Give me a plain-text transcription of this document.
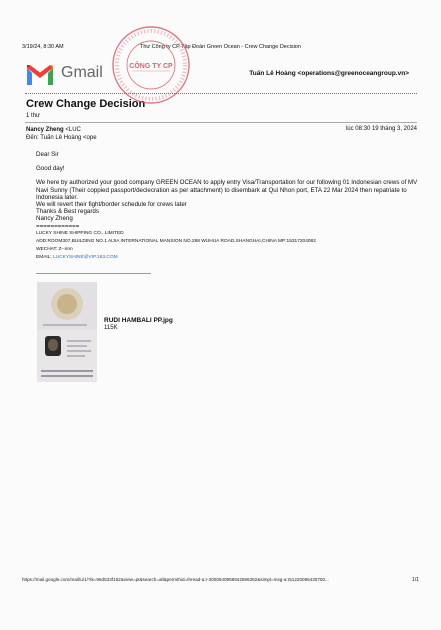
3/19/24, 8:30 AM	Thư Công ty CP Tập Đoàn Green Ocean - Crew Change Decision
Gmail	Tuấn Lê Hoàng <operations@greenoceangroup.vn>
Crew Change Decision
1 thư
Nancy Zheng <LUC
Đến: Tuấn Lê Hoàng <ope
lúc 08:30 19 tháng 3, 2024

Dear Sir

Good day!

We here by authorized your good company GREEN OCEAN to apply entry Visa/Transportation for our following 01 Indonesian crews of MV Navi Sunny (Their coppied passport/declecration as per attachment) to disembark at Qui Nhon port, ETA 22 Mar 2024 then repatriate to Indonesia later.

We will revert their fight/border schedule for crews later

Thanks & Best regards

Nancy Zheng

============

LUCKY SHINE SHIPPING CO., LIMITED
ADD:ROOM307,BUILDING NO.1 AIJIA INTERNATIONAL MANSION NO.288 WUHUA ROAD,SHANGHAI,CHINA MP:15317204082
WECHAT: Z--nnn
EMAIL: LUCKYSHINE@VIP.163.COM
RUDI HAMBALI PP.jpg
115K
CÔNG TY CP
https://mail.google.com/mail/u/1/?ik=96d533f162&view=pt&search=all&permthid=thread-a:r-3000540958842696362&simpl=msg-a:r51220065430700...	1/1
